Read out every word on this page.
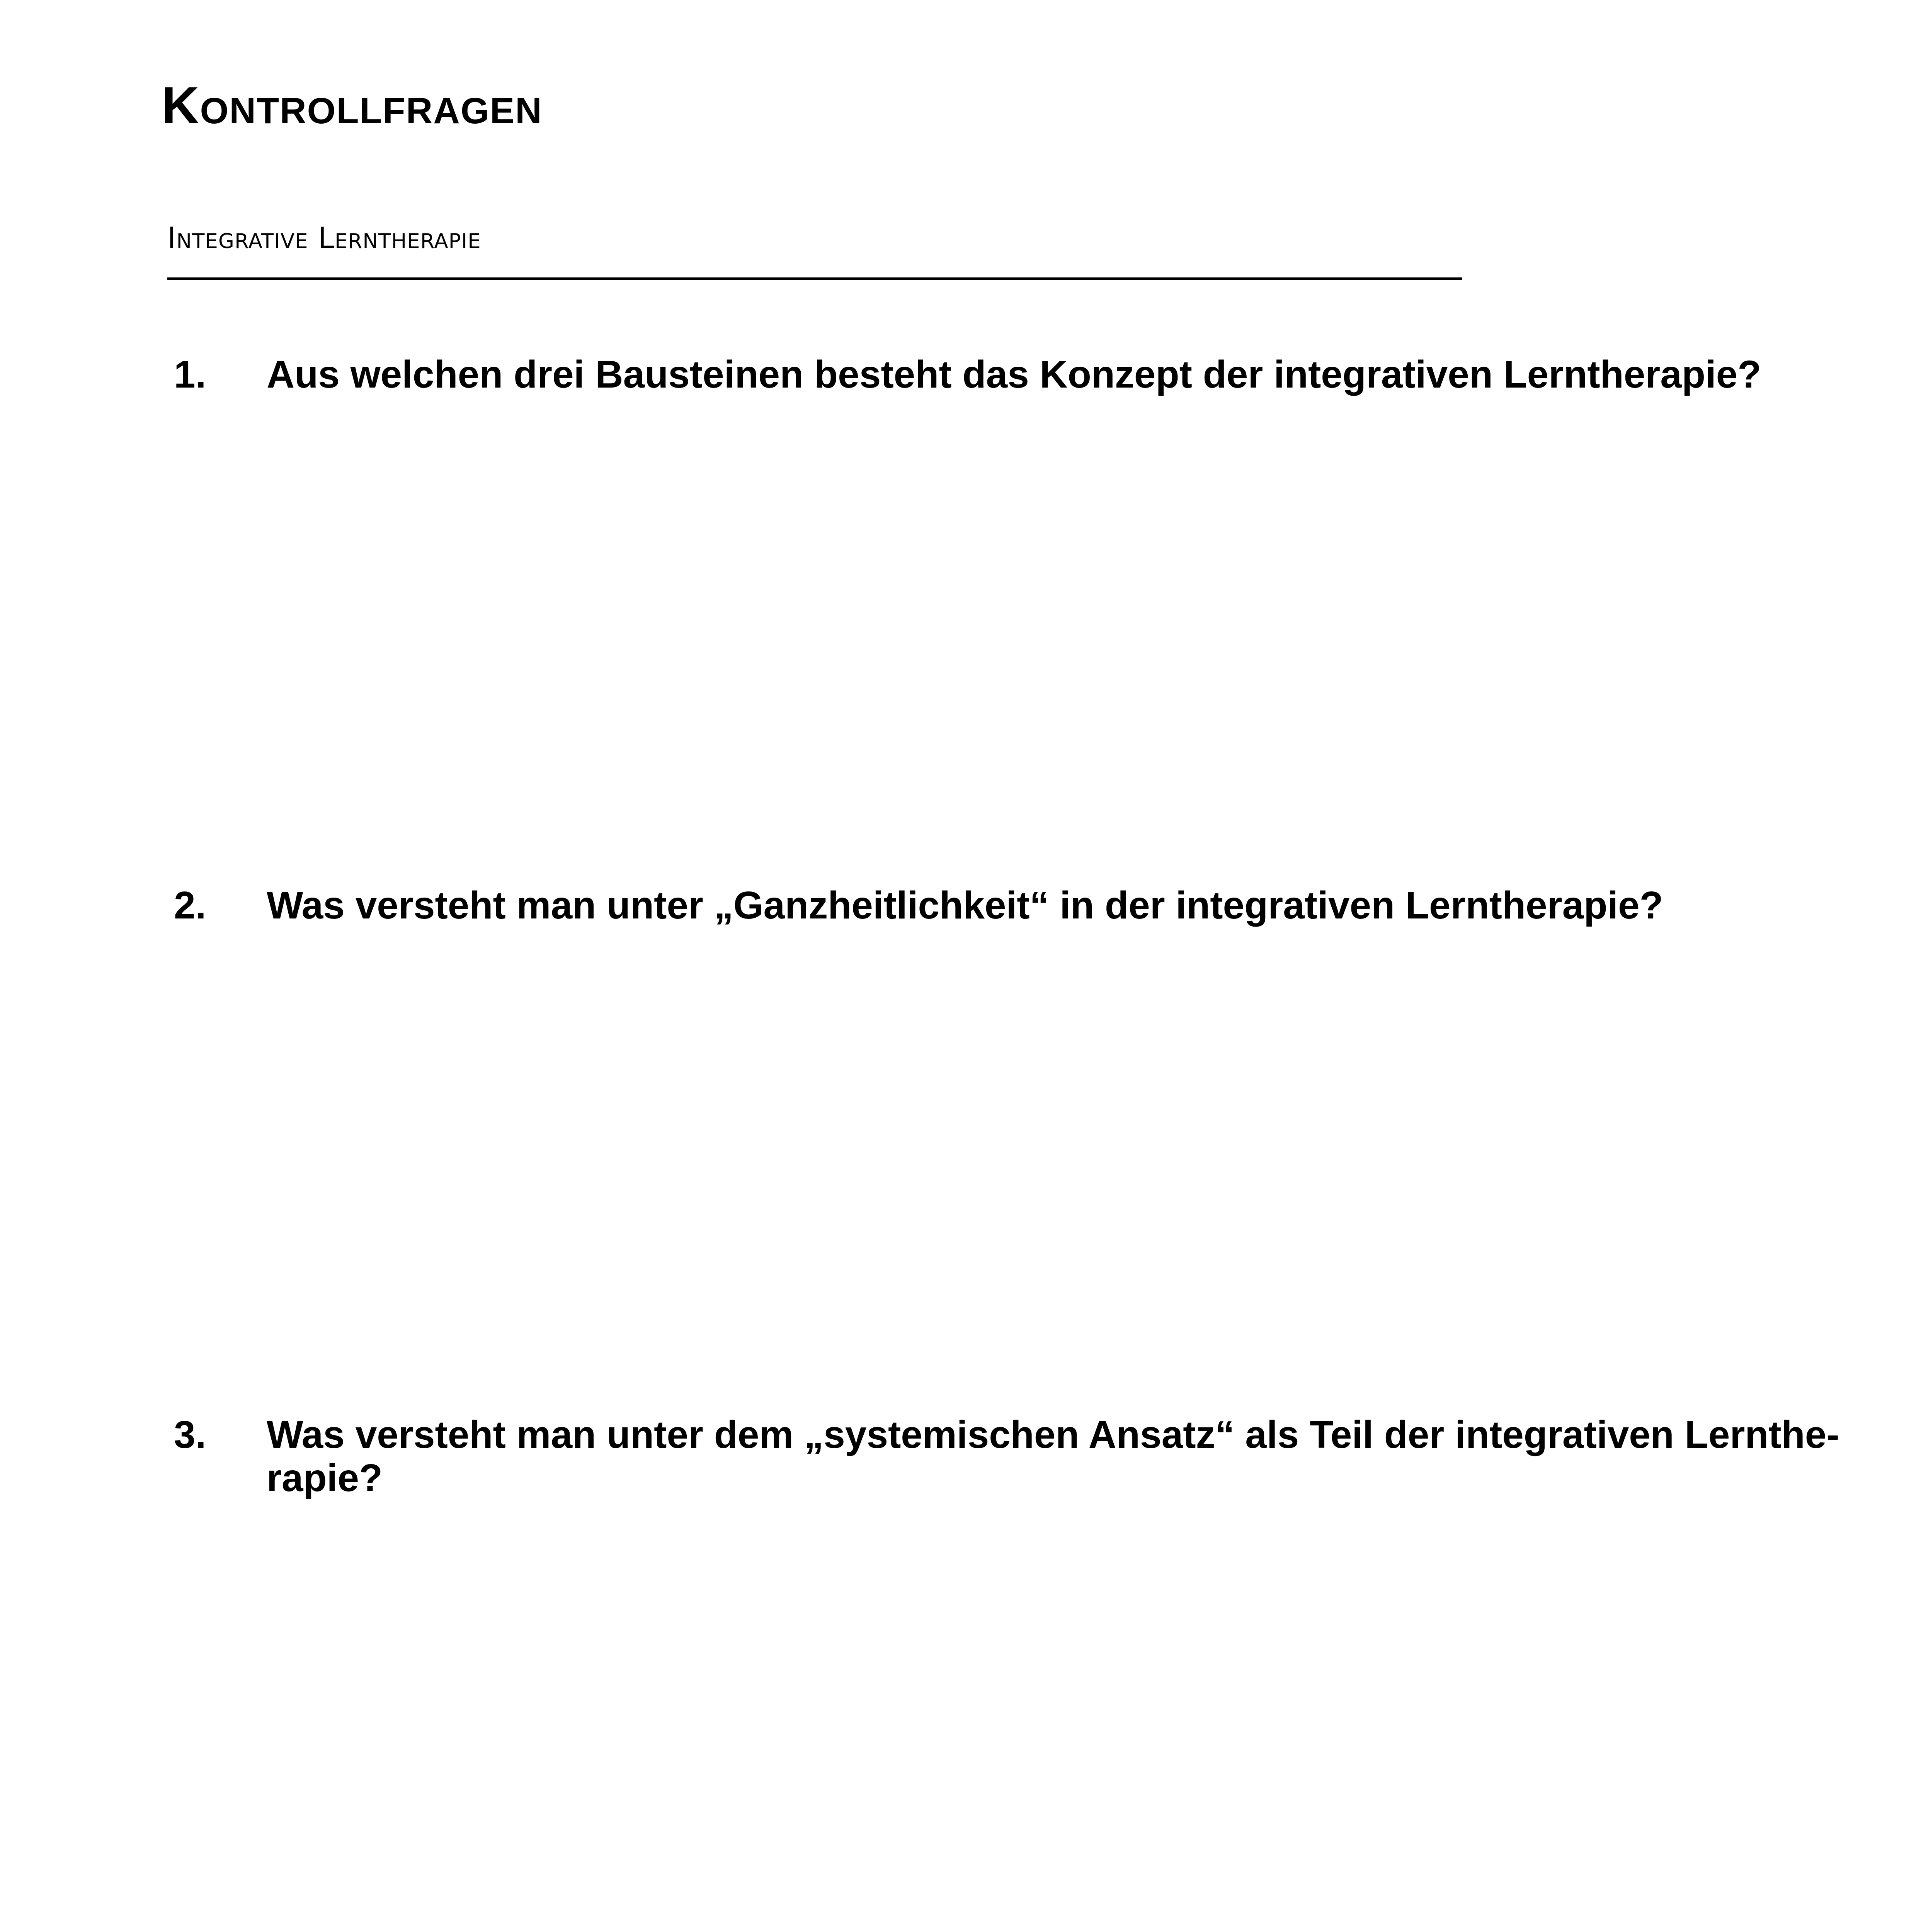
Kontrollfragen
Integrative Lerntherapie
1.	Aus welchen drei Bausteinen besteht das Konzept der integrativen Lerntherapie?
2.	Was versteht man unter „Ganzheitlichkeit“ in der integrativen Lerntherapie?
3.	Was versteht man unter dem „systemischen Ansatz“ als Teil der integrativen Lernthe-rapie?
